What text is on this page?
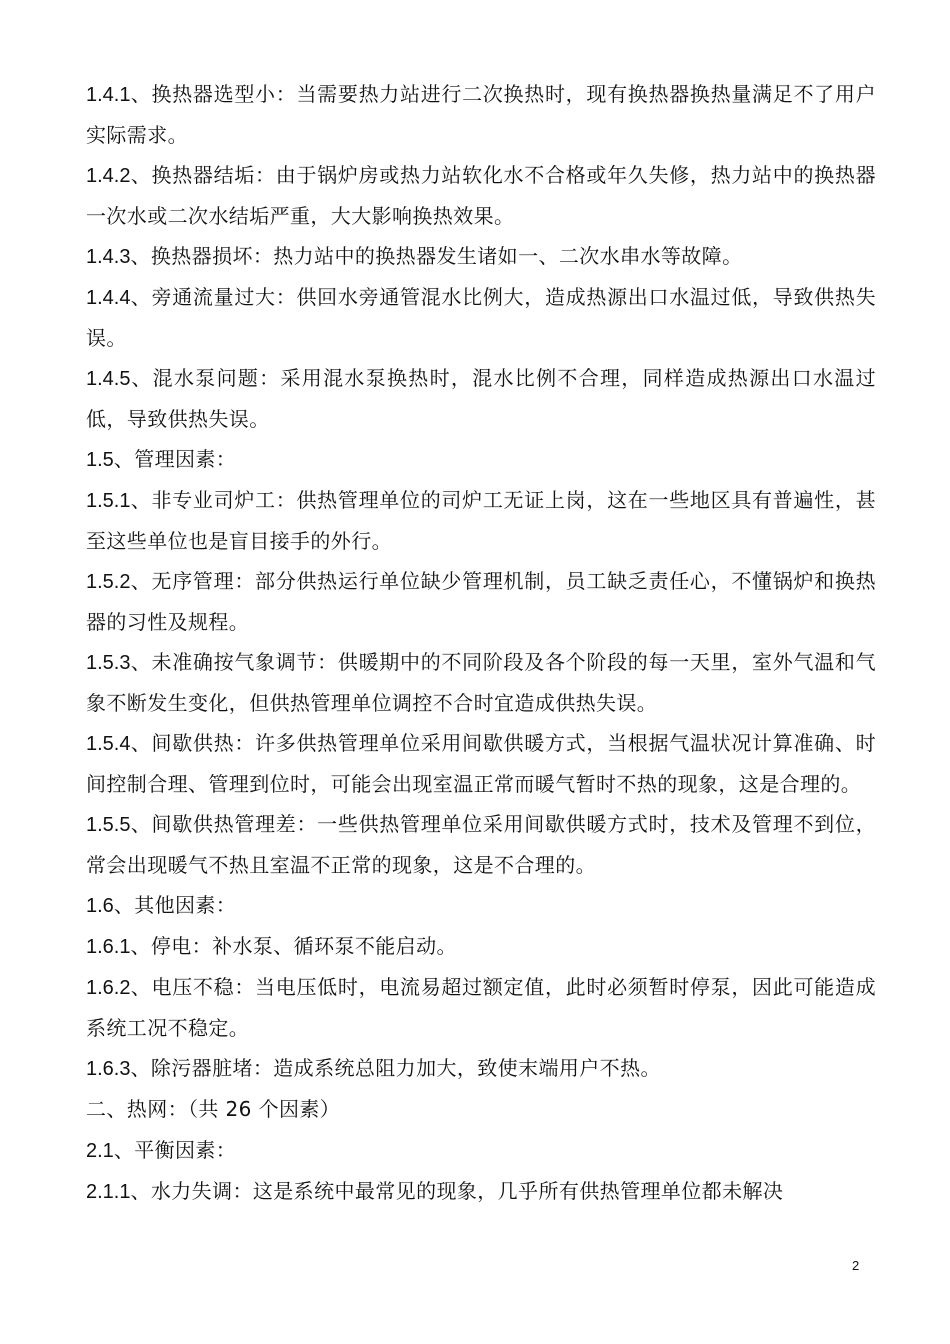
1.4.1、换热器选型小：当需要热力站进行二次换热时，现有换热器换热量满足不了用户实际需求。

1.4.2、换热器结垢：由于锅炉房或热力站软化水不合格或年久失修，热力站中的换热器一次水或二次水结垢严重，大大影响换热效果。

1.4.3、换热器损坏：热力站中的换热器发生诸如一、二次水串水等故障。

1.4.4、旁通流量过大：供回水旁通管混水比例大，造成热源出口水温过低，导致供热失误。

1.4.5、混水泵问题：采用混水泵换热时，混水比例不合理，同样造成热源出口水温过低，导致供热失误。

1.5、管理因素：

1.5.1、非专业司炉工：供热管理单位的司炉工无证上岗，这在一些地区具有普遍性，甚至这些单位也是盲目接手的外行。

1.5.2、无序管理：部分供热运行单位缺少管理机制，员工缺乏责任心，不懂锅炉和换热器的习性及规程。

1.5.3、未准确按气象调节：供暖期中的不同阶段及各个阶段的每一天里，室外气温和气象不断发生变化，但供热管理单位调控不合时宜造成供热失误。

1.5.4、间歇供热：许多供热管理单位采用间歇供暖方式，当根据气温状况计算准确、时间控制合理、管理到位时，可能会出现室温正常而暖气暂时不热的现象，这是合理的。

1.5.5、间歇供热管理差：一些供热管理单位采用间歇供暖方式时，技术及管理不到位，常会出现暖气不热且室温不正常的现象，这是不合理的。

1.6、其他因素：

1.6.1、停电：补水泵、循环泵不能启动。

1.6.2、电压不稳：当电压低时，电流易超过额定值，此时必须暂时停泵，因此可能造成系统工况不稳定。

1.6.3、除污器脏堵：造成系统总阻力加大，致使末端用户不热。

二、热网：（共 26 个因素）

2.1、平衡因素：

2.1.1、水力失调：这是系统中最常见的现象，几乎所有供热管理单位都未解决

2
